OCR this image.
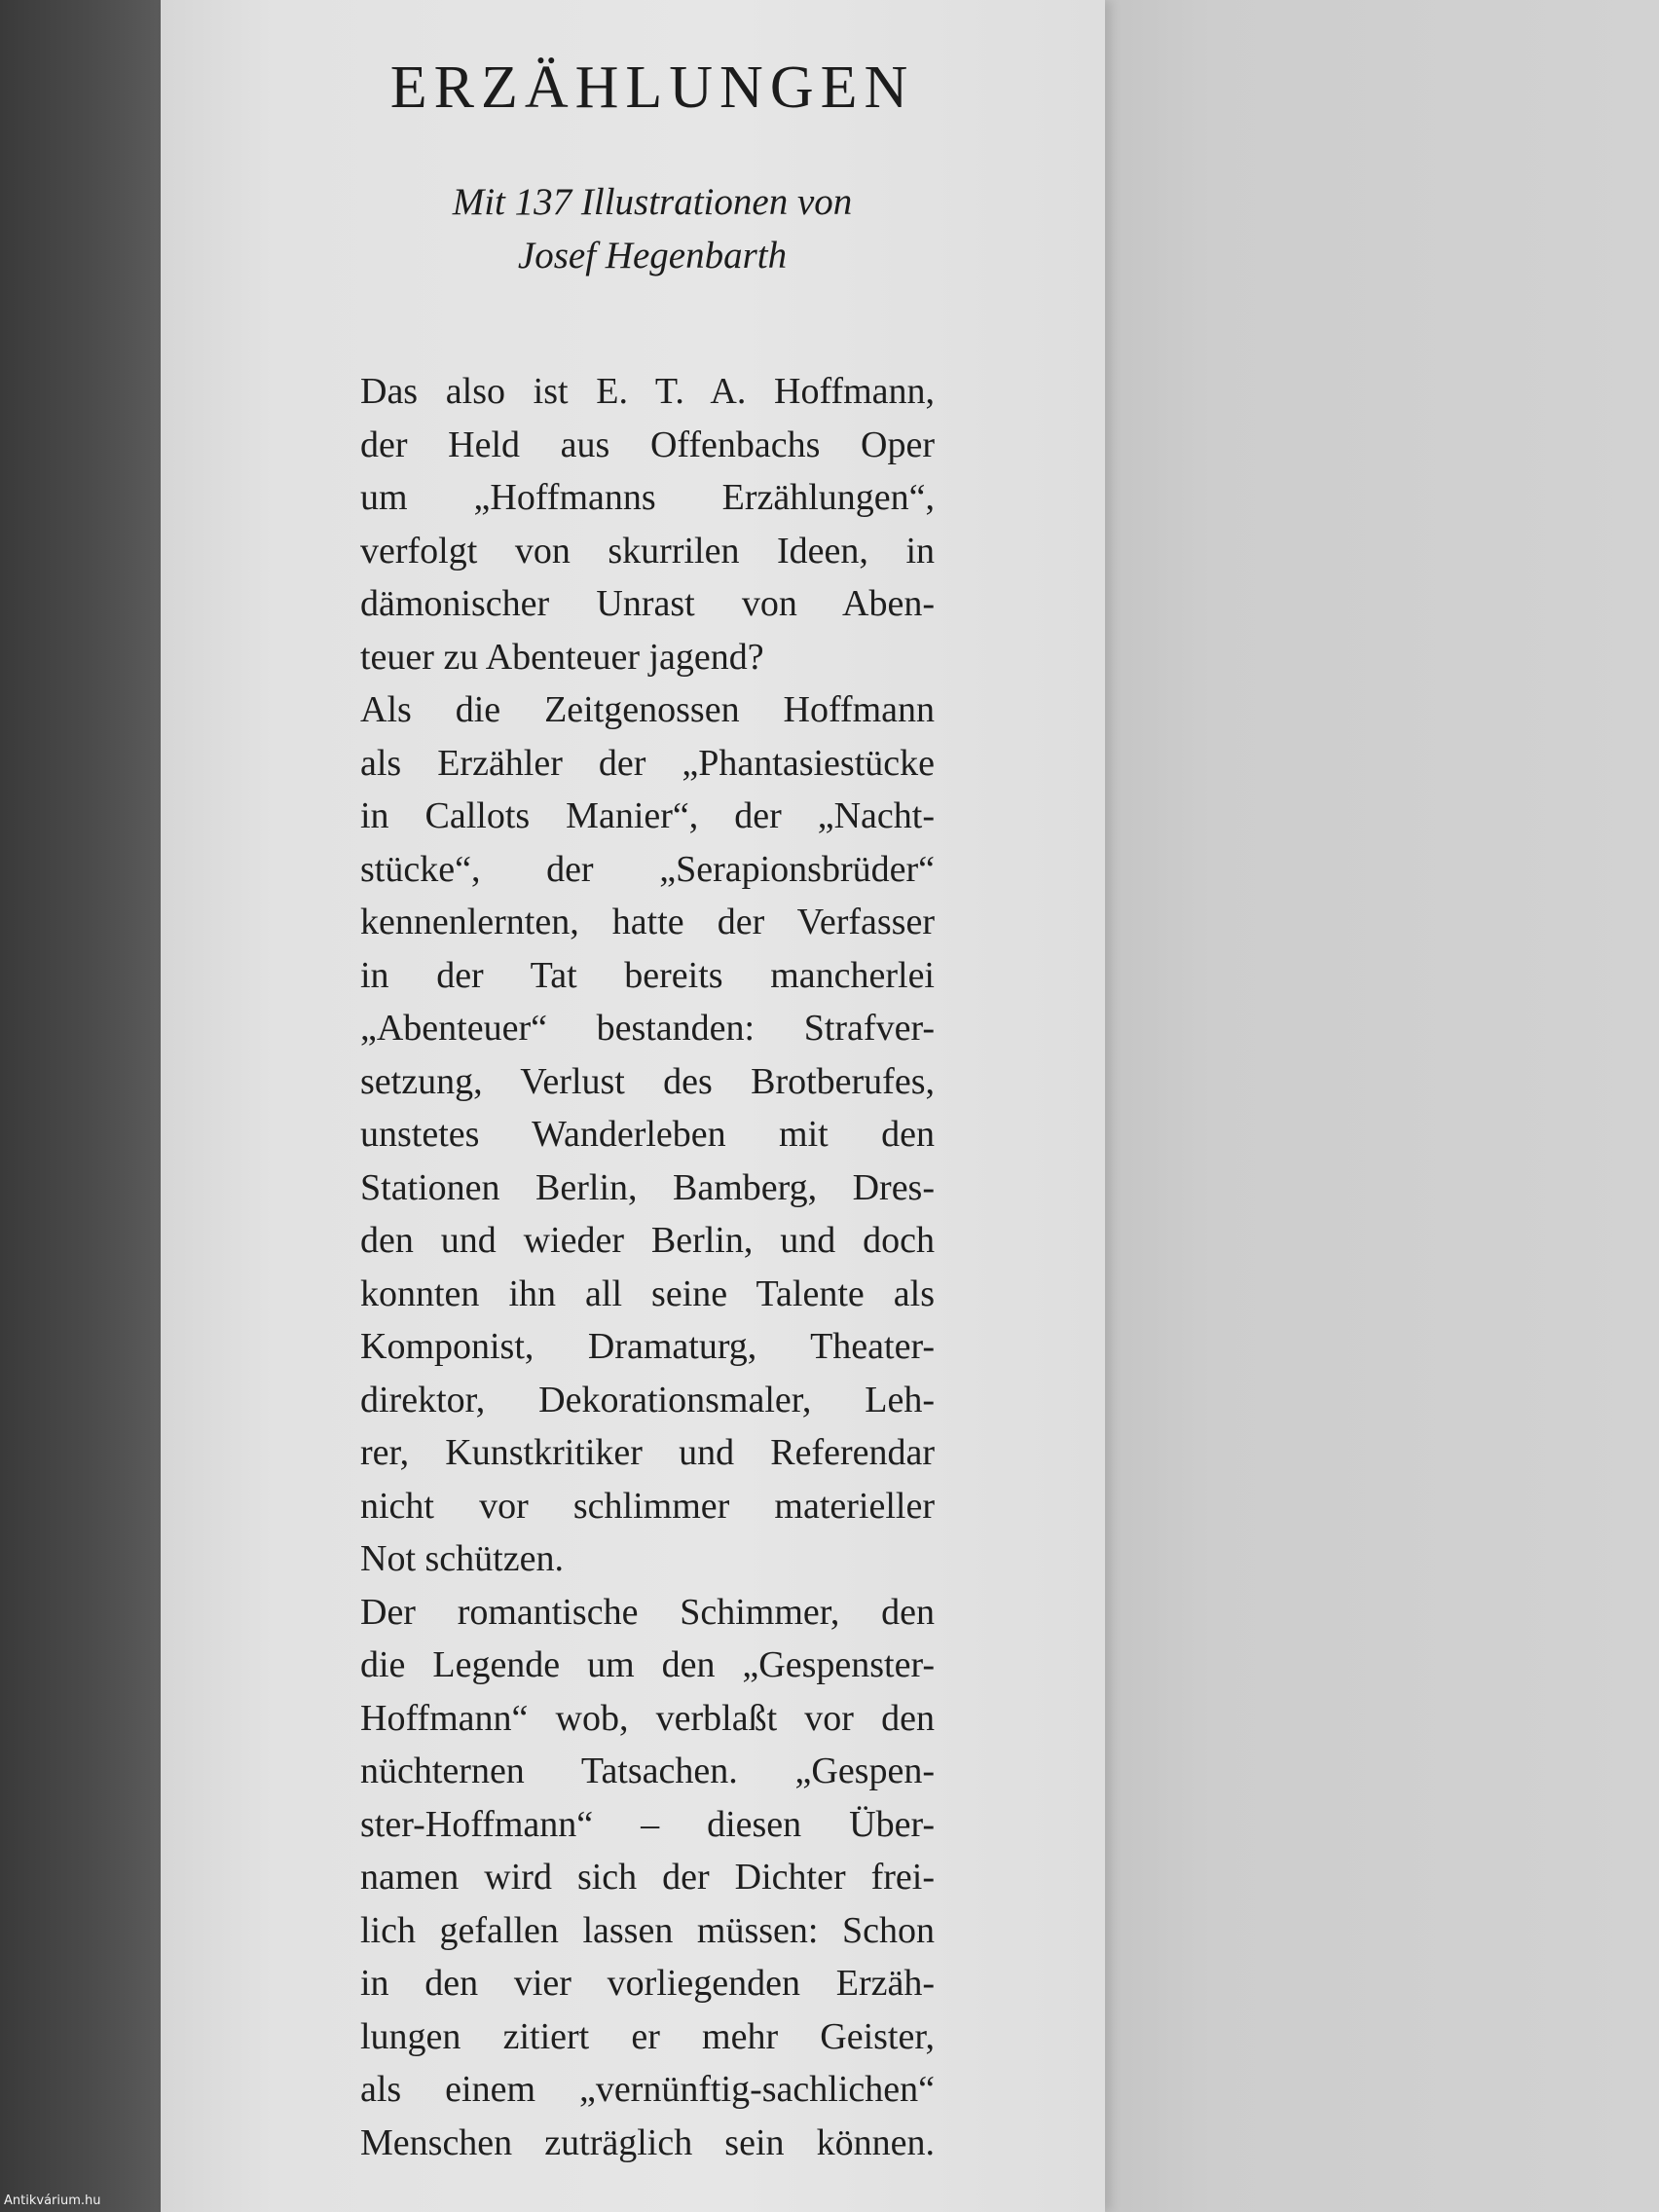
ERZÄHLUNGEN
Mit 137 Illustrationen von
Josef Hegenbarth
Das also ist E. T. A. Hoffmann,
der Held aus Offenbachs Oper
um „Hoffmanns Erzählungen“,
verfolgt von skurrilen Ideen, in
dämonischer Unrast von Aben-
teuer zu Abenteuer jagend?
Als die Zeitgenossen Hoffmann
als Erzähler der „Phantasiestücke
in Callots Manier“, der „Nacht-
stücke“, der „Serapionsbrüder“
kennenlernten, hatte der Verfasser
in der Tat bereits mancherlei
„Abenteuer“ bestanden: Strafver-
setzung, Verlust des Brotberufes,
unstetes Wanderleben mit den
Stationen Berlin, Bamberg, Dres-
den und wieder Berlin, und doch
konnten ihn all seine Talente als
Komponist, Dramaturg, Theater-
direktor, Dekorationsmaler, Leh-
rer, Kunstkritiker und Referendar
nicht vor schlimmer materieller
Not schützen.
Der romantische Schimmer, den
die Legende um den „Gespenster-
Hoffmann“ wob, verblaßt vor den
nüchternen Tatsachen. „Gespen-
ster-Hoffmann“ – diesen Über-
namen wird sich der Dichter frei-
lich gefallen lassen müssen: Schon
in den vier vorliegenden Erzäh-
lungen zitiert er mehr Geister,
als einem „vernünftig-sachlichen“
Menschen zuträglich sein können.
Antikvárium.hu
